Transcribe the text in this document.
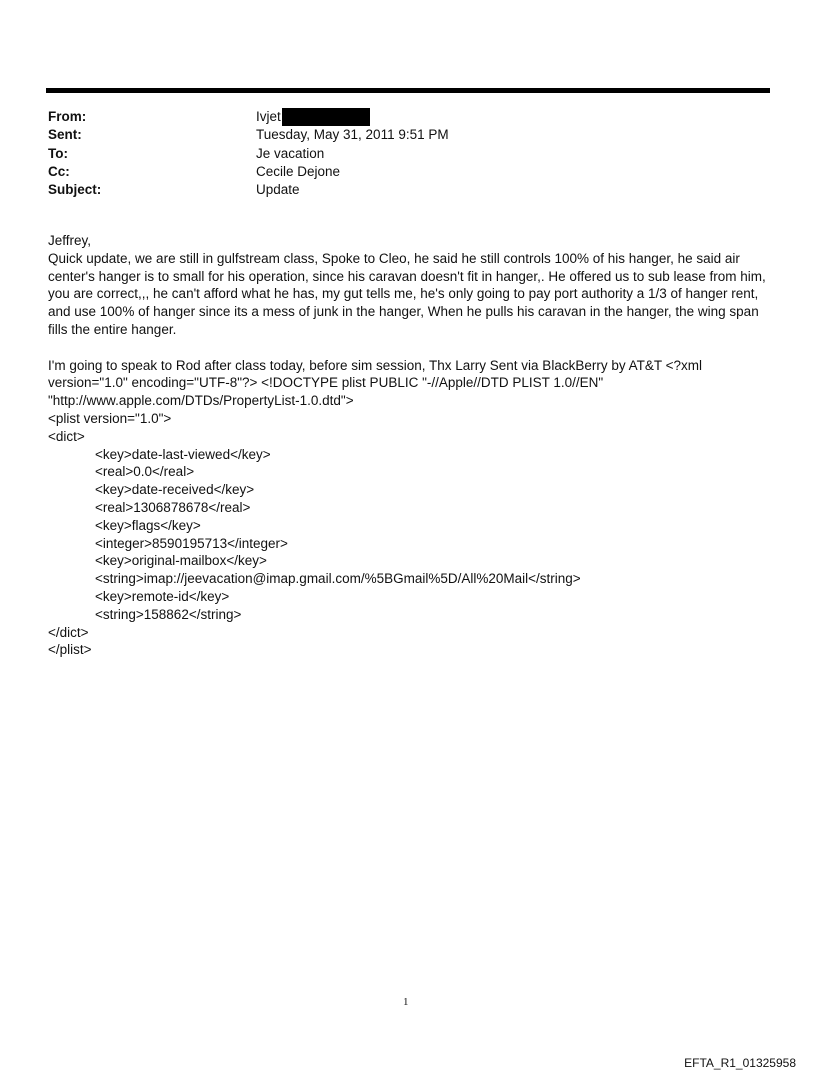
From:	Ivjet
Sent:	Tuesday, May 31, 2011 9:51 PM
To:	Je vacation
Cc:	Cecile Dejone
Subject:	Update

Jeffrey,

Quick update, we are still in gulfstream class, Spoke to Cleo, he said he still controls 100% of his hanger, he said air center's hanger is to small for his operation, since his caravan doesn't fit in hanger,. He offered us to sub lease from him, you are correct,,, he can't afford what he has, my gut tells me, he's only going to pay port authority a 1/3 of hanger rent, and use 100% of hanger since its a mess of junk in the hanger, When he pulls his caravan in the hanger, the wing span fills the entire hanger.

I'm going to speak to Rod after class today, before sim session, Thx Larry Sent via BlackBerry by AT&T <?xml version="1.0" encoding="UTF-8"?> <!DOCTYPE plist PUBLIC "-//Apple//DTD PLIST 1.0//EN" "http://www.apple.com/DTDs/PropertyList-1.0.dtd">

<plist version="1.0">
<dict>
<key>date-last-viewed</key>
<real>0.0</real>
<key>date-received</key>
<real>1306878678</real>
<key>flags</key>
<integer>8590195713</integer>
<key>original-mailbox</key>
<string>imap://jeevacation@imap.gmail.com/%5BGmail%5D/All%20Mail</string>
<key>remote-id</key>
<string>158862</string>
</dict>
</plist>
1
EFTA_R1_01325958
